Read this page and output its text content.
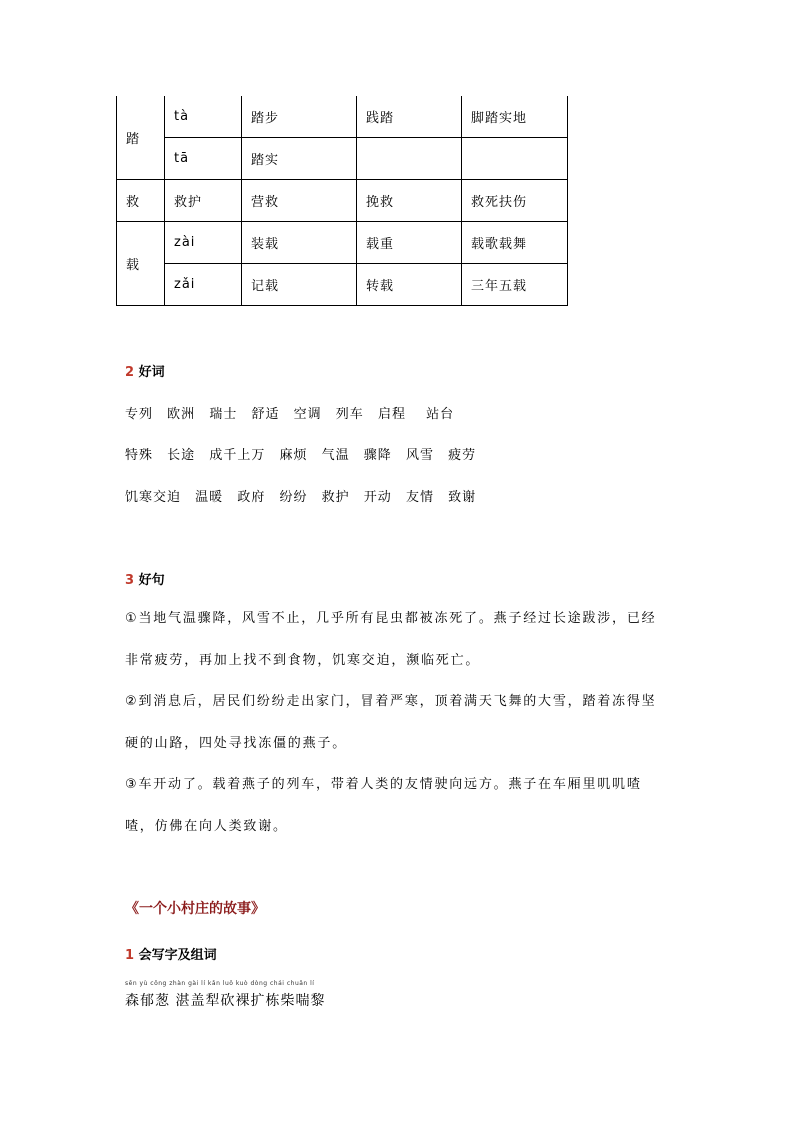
踏	tà	踏步	践踏	脚踏实地
	tā	踏实		
救	救护	营救	挽救	救死扶伤
载	zài	装载	载重	载歌载舞
	zǎi	记载	转载	三年五载
2 好词
专列 欧洲 瑞士 舒适 空调 列车 启程 站台
特殊 长途 成千上万 麻烦 气温 骤降 风雪 疲劳
饥寒交迫 温暖 政府 纷纷 救护 开动 友情 致谢
3 好句
①当地气温骤降，风雪不止，几乎所有昆虫都被冻死了。燕子经过长途跋涉，已经非常疲劳，再加上找不到食物，饥寒交迫，濒临死亡。
②到消息后，居民们纷纷走出家门，冒着严寒，顶着满天飞舞的大雪，踏着冻得坚硬的山路，四处寻找冻僵的燕子。
③车开动了。载着燕子的列车，带着人类的友情驶向远方。燕子在车厢里叽叽喳喳，仿佛在向人类致谢。
《一个小村庄的故事》
1 会写字及组词
sēn yù cōng zhàn gài lí kǎn luǒ kuò dòng chái chuǎn lí
森郁葱 湛盖犁砍裸扩栋柴喘黎
